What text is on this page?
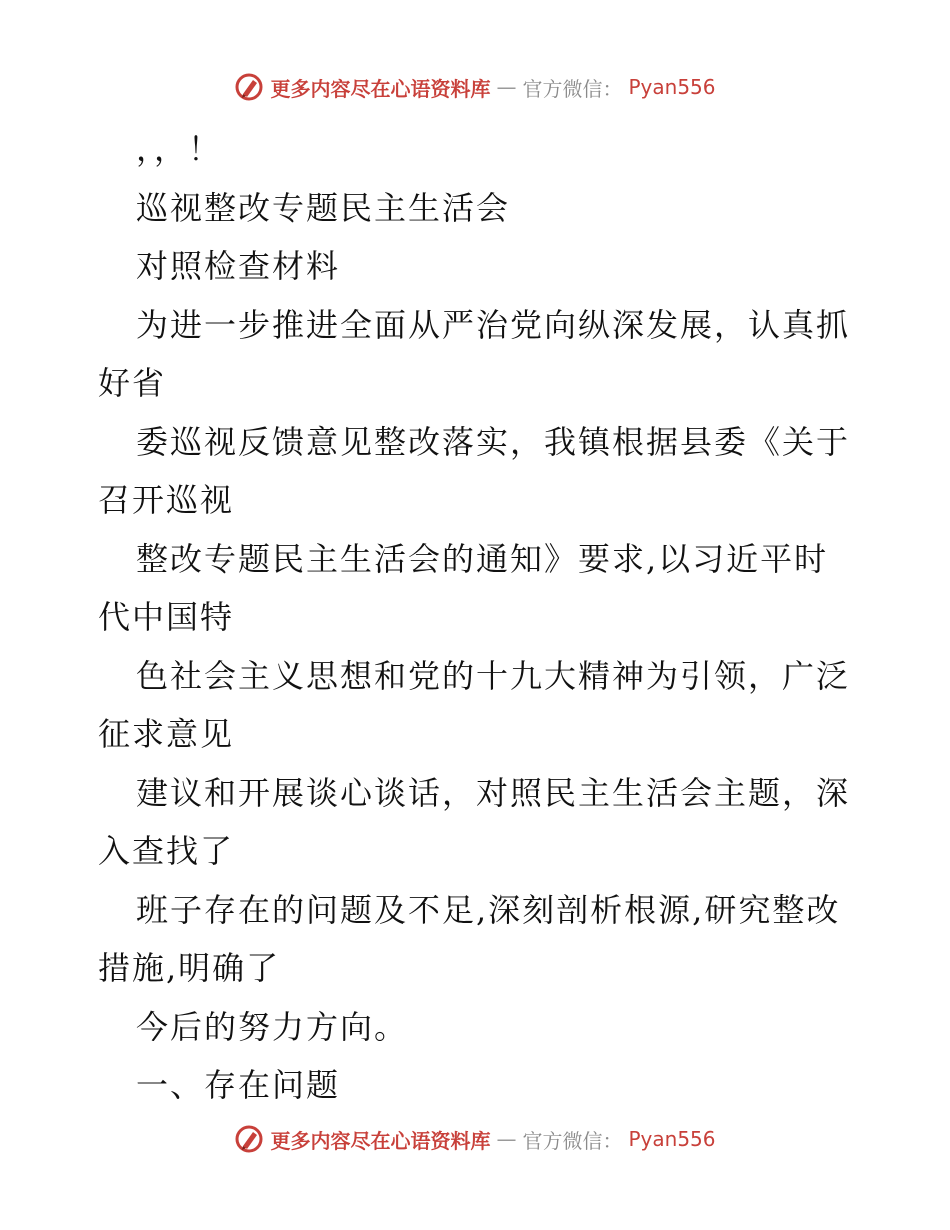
更多内容尽在心语资料库 — 官方微信： Pyan556
，，！
巡视整改专题民主生活会
对照检查材料
为进一步推进全面从严治党向纵深发展，认真抓
好省
委巡视反馈意见整改落实，我镇根据县委《关于
召开巡视
整改专题民主生活会的通知》要求,以习近平时
代中国特
色社会主义思想和党的十九大精神为引领，广泛
征求意见
建议和开展谈心谈话，对照民主生活会主题，深
入查找了
班子存在的问题及不足,深刻剖析根源,研究整改
措施,明确了
今后的努力方向。
一、存在问题
更多内容尽在心语资料库 — 官方微信： Pyan556
